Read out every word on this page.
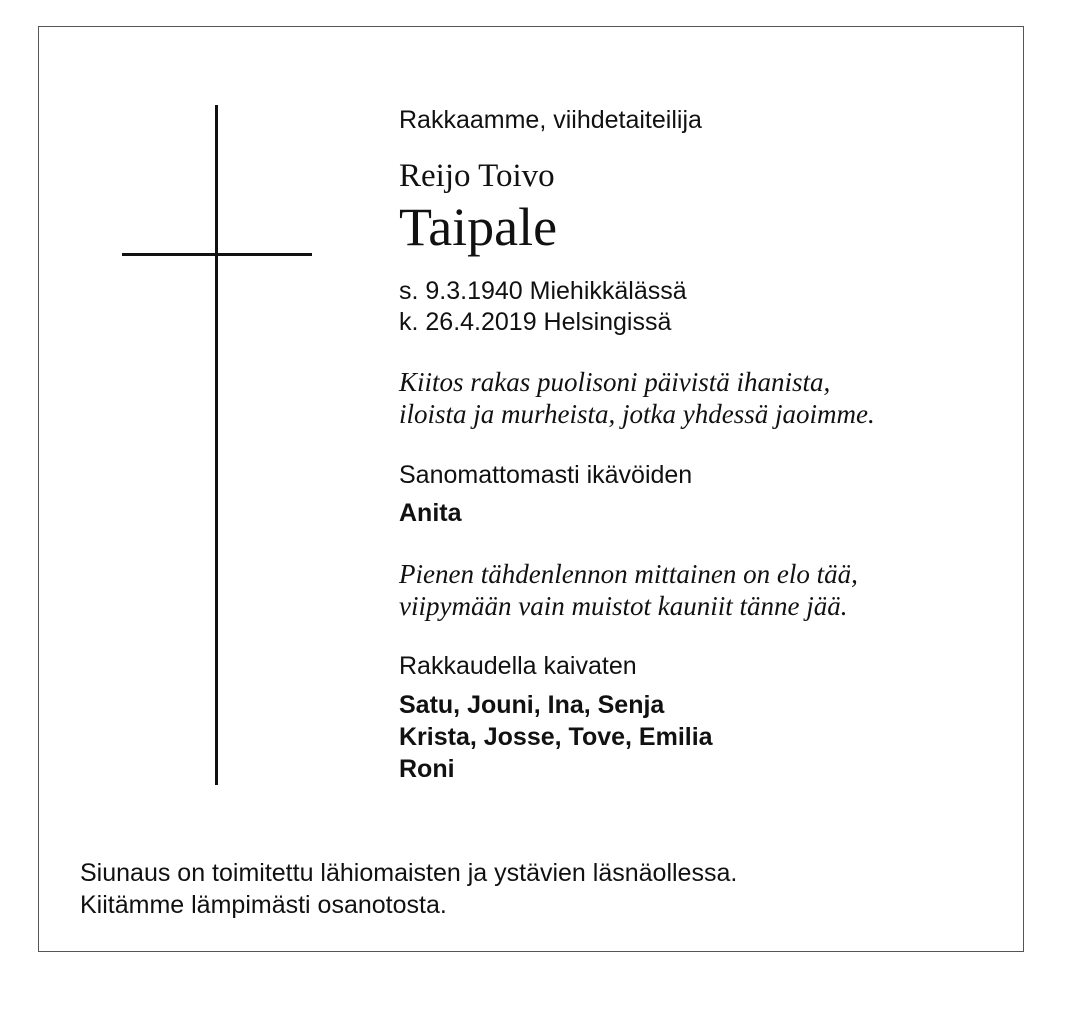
Rakkaamme, viihdetaiteilija
Reijo Toivo
Taipale
s. 9.3.1940 Miehikkälässä
k. 26.4.2019 Helsingissä
Kiitos rakas puolisoni päivistä ihanista,
iloista ja murheista, jotka yhdessä jaoimme.
Sanomattomasti ikävöiden
Anita
Pienen tähdenlennon mittainen on elo tää,
viipymään vain muistot kauniit tänne jää.
Rakkaudella kaivaten
Satu, Jouni, Ina, Senja
Krista, Josse, Tove, Emilia
Roni
Siunaus on toimitettu lähiomaisten ja ystävien läsnäollessa.
Kiitämme lämpimästi osanotosta.
